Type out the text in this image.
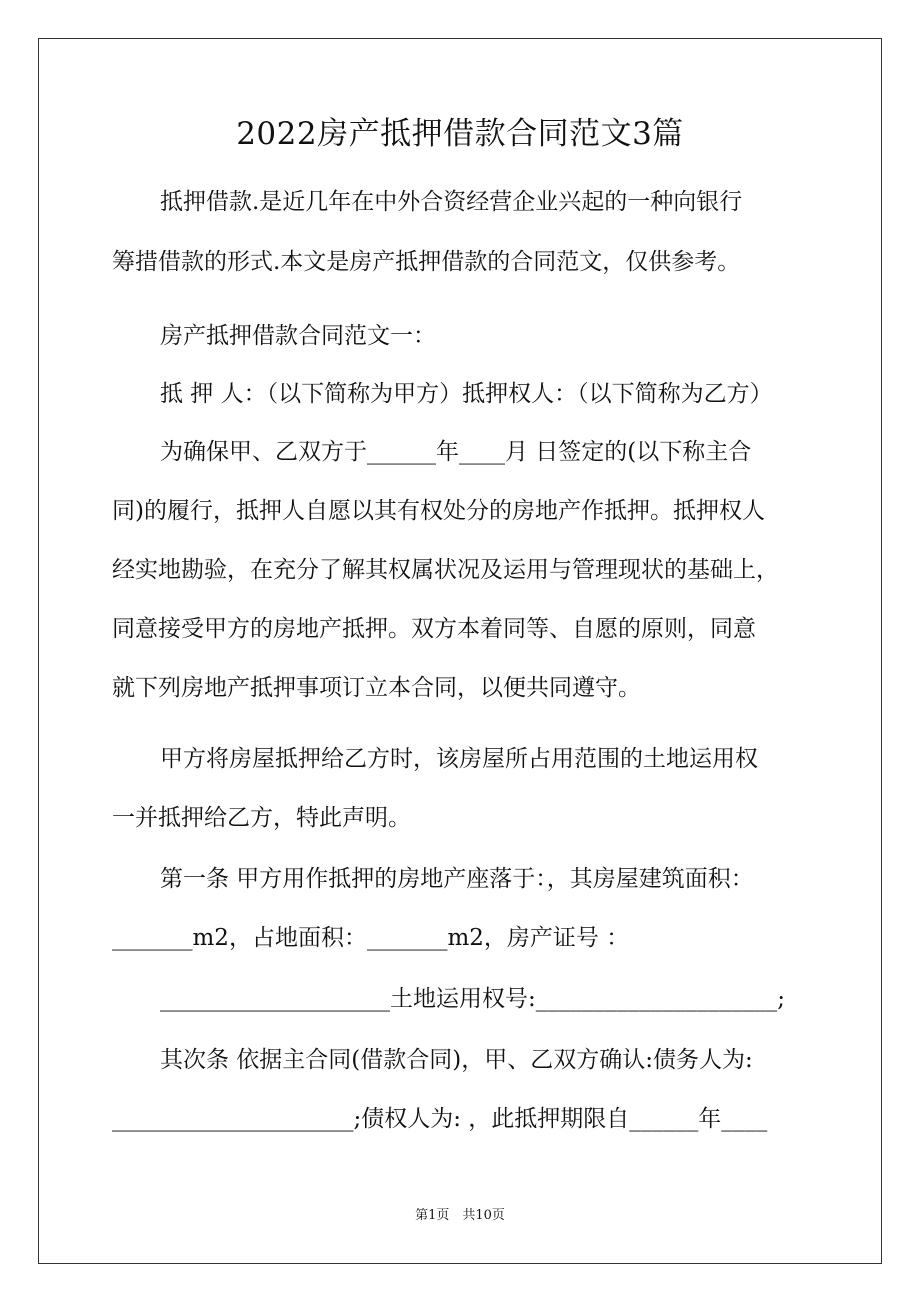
2022房产抵押借款合同范文3篇
抵押借款.是近几年在中外合资经营企业兴起的一种向银行
筹措借款的形式.本文是房产抵押借款的合同范文，仅供参考。
房产抵押借款合同范文一：
抵 押 人：（以下简称为甲方）抵押权人：（以下简称为乙方）
为确保甲、乙双方于______年____月 日签定的(以下称主合
同)的履行，抵押人自愿以其有权处分的房地产作抵押。抵押权人
经实地勘验，在充分了解其权属状况及运用与管理现状的基础上，
同意接受甲方的房地产抵押。双方本着同等、自愿的原则，同意
就下列房地产抵押事项订立本合同，以便共同遵守。
甲方将房屋抵押给乙方时，该房屋所占用范围的土地运用权
一并抵押给乙方，特此声明。
第一条 甲方用作抵押的房地产座落于：，其房屋建筑面积：
_______m2，占地面积：_______m2，房产证号 ：
____________________土地运用权号:_____________________;
其次条 依据主合同(借款合同)，甲、乙双方确认:债务人为:
_____________________;债权人为: ，此抵押期限自______年____
第1页　共10页
